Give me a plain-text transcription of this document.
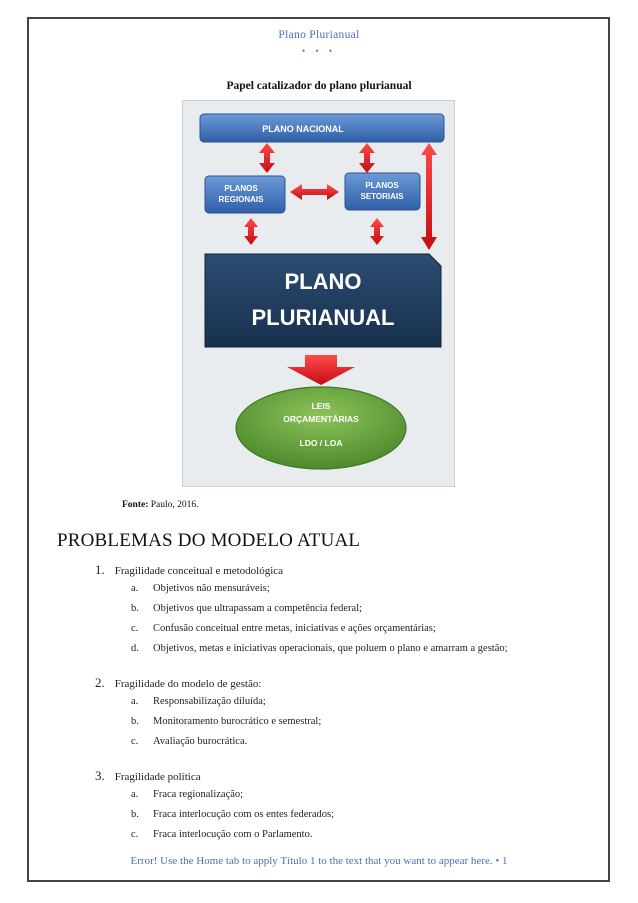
Plano Plurianual
• • •
Papel catalizador do plano plurianual
PLANO NACIONAL
PLANOS
REGIONAIS
PLANOS
SETORIAIS
PLANO
PLURIANUAL
LEIS
ORÇAMENTÁRIAS
LDO / LOA
Fonte: Paulo, 2016.
PROBLEMAS DO MODELO ATUAL
1. Fragilidade conceitual e metodológica
a. Objetivos não mensuráveis;
b. Objetivos que ultrapassam a competência federal;
c. Confusão conceitual entre metas, iniciativas e ações orçamentárias;
d. Objetivos, metas e iniciativas operacionais, que poluem o plano e amarram a gestão;
2. Fragilidade do modelo de gestão:
a. Responsabilização diluída;
b. Monitoramento burocrático e semestral;
c. Avaliação burocrática.
3. Fragilidade política
a. Fraca regionalização;
b. Fraca interlocução com os entes federados;
c. Fraca interlocução com o Parlamento.
Error! Use the Home tab to apply Título 1 to the text that you want to appear here. • 1
